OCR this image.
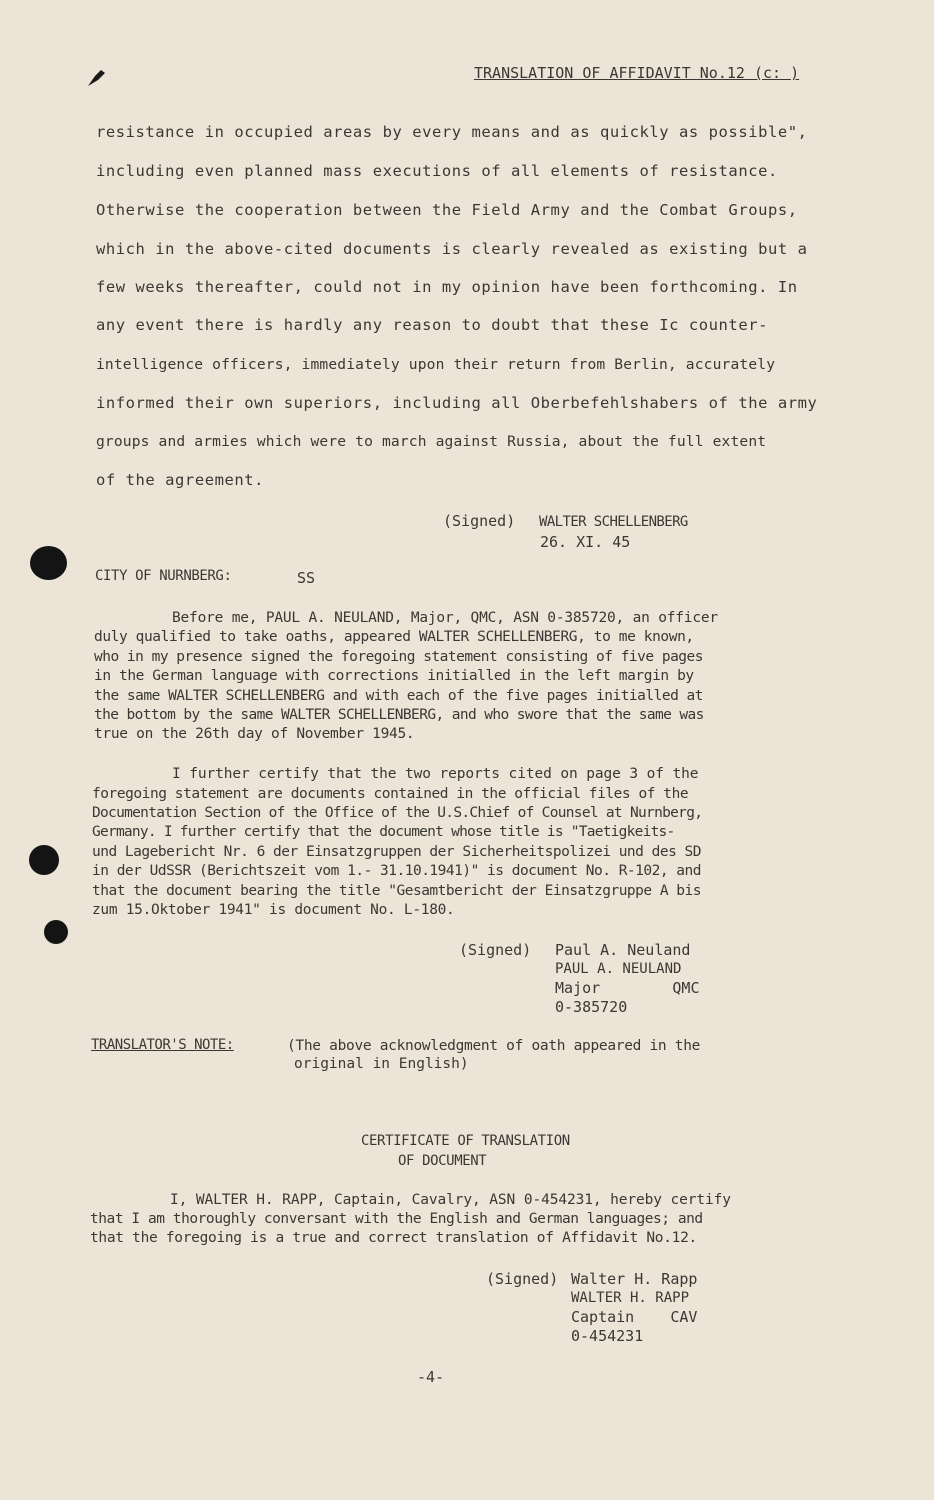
TRANSLATION OF AFFIDAVIT No.12 (c: )
resistance in occupied areas by every means and as quickly as possible",
including even planned mass executions of all elements of resistance.
Otherwise the cooperation between the Field Army and the Combat Groups,
which in the above-cited documents is clearly revealed as existing but a
few weeks thereafter, could not in my opinion have been forthcoming. In
any event there is hardly any reason to doubt that these Ic counter-
intelligence officers, immediately upon their return from Berlin, accurately
informed their own superiors, including all Oberbefehlshabers of the army
groups and armies which were to march against Russia, about the full extent
of the agreement.
(Signed) WALTER SCHELLENBERG
26. XI. 45
CITY OF NURNBERG:	SS
Before me, PAUL A. NEULAND, Major, QMC, ASN 0-385720, an officer
duly qualified to take oaths, appeared WALTER SCHELLENBERG, to me known,
who in my presence signed the foregoing statement consisting of five pages
in the German language with corrections initialled in the left margin by
the same WALTER SCHELLENBERG and with each of the five pages initialled at
the bottom by the same WALTER SCHELLENBERG, and who swore that the same was
true on the 26th day of November 1945.
I further certify that the two reports cited on page 3 of the
foregoing statement are documents contained in the official files of the
Documentation Section of the Office of the U.S.Chief of Counsel at Nurnberg,
Germany. I further certify that the document whose title is "Taetigkeits-
und Lagebericht Nr. 6 der Einsatzgruppen der Sicherheitspolizei und des SD
in der UdSSR (Berichtszeit vom 1.- 31.10.1941)" is document No. R-102, and
that the document bearing the title "Gesamtbericht der Einsatzgruppe A bis
zum 15.Oktober 1941" is document No. L-180.
(Signed) Paul A. Neuland
PAUL A. NEULAND
Major        QMC
0-385720
TRANSLATOR'S NOTE:	(The above acknowledgment of oath appeared in the
original in English)
CERTIFICATE OF TRANSLATION
OF DOCUMENT
I, WALTER H. RAPP, Captain, Cavalry, ASN 0-454231, hereby certify
that I am thoroughly conversant with the English and German languages; and
that the foregoing is a true and correct translation of Affidavit No.12.
(Signed) Walter H. Rapp
WALTER H. RAPP
Captain    CAV
0-454231
-4-
